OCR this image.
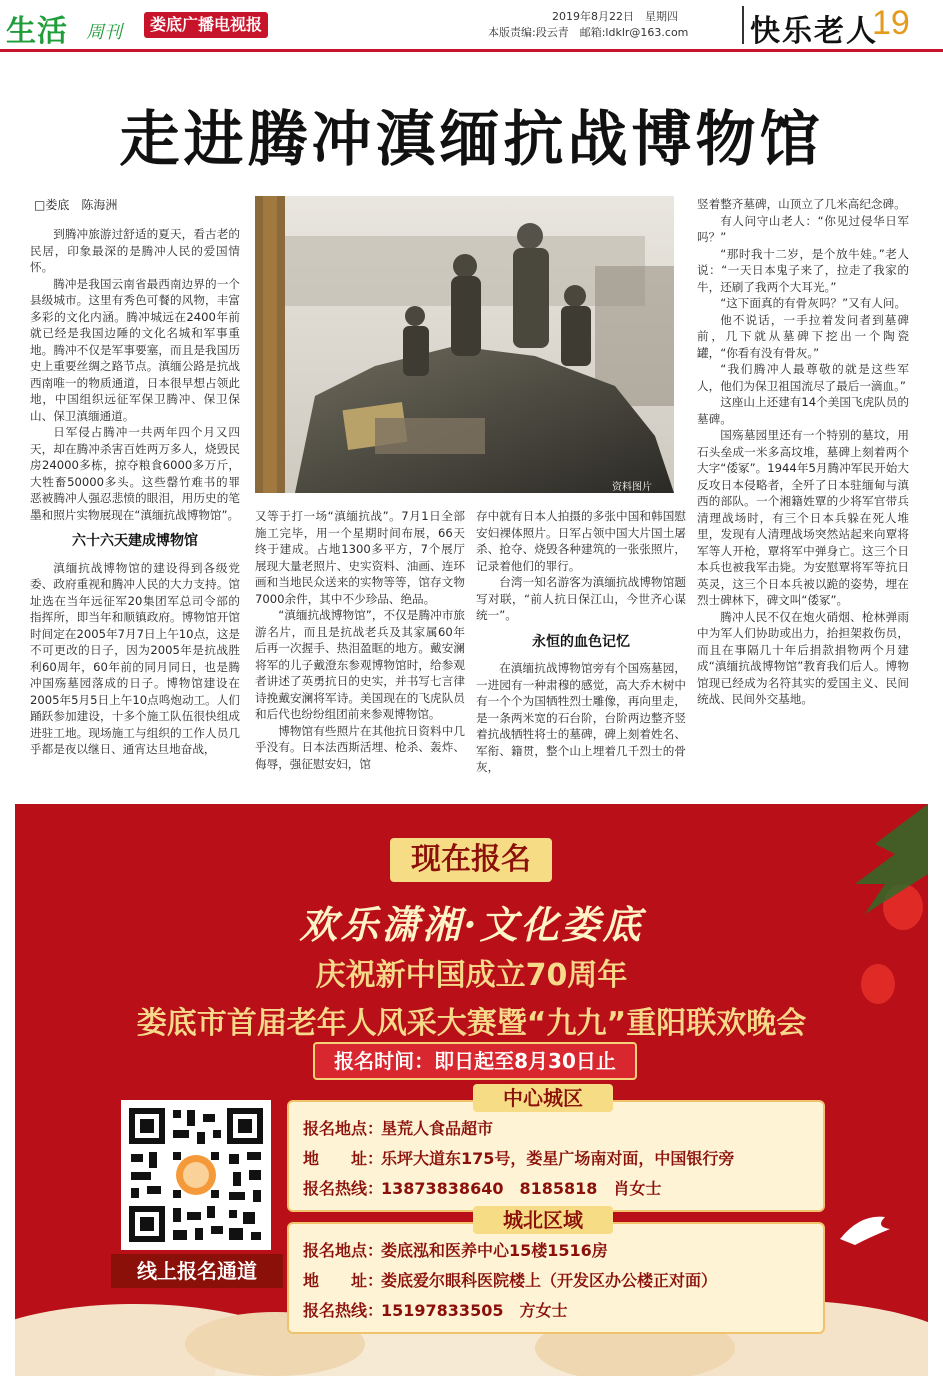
生活 周刊	娄底广播电视报	2019年8月22日　星期四
本版责编:段云青　邮箱:ldklr@163.com	快乐老人
19
走进腾冲滇缅抗战博物馆
□娄底　陈海洲

到腾冲旅游过舒适的夏天，看古老的民居，印象最深的是腾冲人民的爱国情怀。

腾冲是我国云南省最西南边界的一个县级城市。这里有秀色可餐的风物，丰富多彩的文化内涵。腾冲城远在2400年前就已经是我国边陲的文化名城和军事重地。腾冲不仅是军事要塞，而且是我国历史上重要丝绸之路节点。滇缅公路是抗战西南唯一的物质通道，日本很早想占领此地，中国组织远征军保卫腾冲、保卫保山、保卫滇缅通道。

日军侵占腾冲一共两年四个月又四天，却在腾冲杀害百姓两万多人，烧毁民房24000多栋，掠夺粮食6000多万斤，大牲畜50000多头。这些罄竹难书的罪恶被腾冲人强忍悲愤的眼泪，用历史的笔墨和照片实物展现在“滇缅抗战博物馆”。

六十六天建成博物馆

滇缅抗战博物馆的建设得到各级党委、政府重视和腾冲人民的大力支持。馆址选在当年远征军20集团军总司令部的指挥所，即当年和顺镇政府。博物馆开馆时间定在2005年7月7日上午10点，这是不可更改的日子，因为2005年是抗战胜利60周年，60年前的同月同日，也是腾冲国殇墓园落成的日子。博物馆建设在2005年5月5日上午10点鸣炮动工。人们踊跃参加建设，十多个施工队伍很快组成进驻工地。现场施工与组织的工作人员几乎都是夜以继日、通宵达旦地奋战，

资料图片

又等于打一场“滇缅抗战”。7月1日全部施工完毕，用一个星期时间布展，66天终于建成。占地1300多平方，7个展厅展现大量老照片、史实资料、油画、连环画和当地民众送来的实物等等，馆存文物7000余件，其中不少珍品、绝品。

“滇缅抗战博物馆”，不仅是腾冲市旅游名片，而且是抗战老兵及其家属60年后再一次握手、热泪盈眶的地方。戴安澜将军的儿子戴澄东参观博物馆时，给参观者讲述了英勇抗日的史实，并书写七言律诗挽戴安澜将军诗。美国现在的飞虎队员和后代也纷纷组团前来参观博物馆。

博物馆有些照片在其他抗日资料中几乎没有。日本法西斯活埋、枪杀、轰炸、侮辱，强征慰安妇，馆

存中就有日本人拍摄的多张中国和韩国慰安妇裸体照片。日军占领中国大片国土屠杀、抢夺、烧毁各种建筑的一张张照片，记录着他们的罪行。

台湾一知名游客为滇缅抗战博物馆题写对联，“前人抗日保江山，今世齐心谋统一”。

永恒的血色记忆

在滇缅抗战博物馆旁有个国殇墓园，一进园有一种肃穆的感觉，高大乔木树中有一个个为国牺牲烈士雕像，再向里走，是一条两米宽的石台阶，台阶两边整齐竖着抗战牺牲将士的墓碑，碑上刻着姓名、军衔、籍贯，整个山上埋着几千烈士的骨灰，

竖着整齐墓碑，山顶立了几米高纪念碑。

有人问守山老人：“你见过侵华日军吗？”

“那时我十二岁，是个放牛娃。”老人说：“一天日本鬼子来了，拉走了我家的牛，还刷了我两个大耳光。”

“这下面真的有骨灰吗？”又有人问。

他不说话，一手拉着发问者到墓碑前，几下就从墓碑下挖出一个陶瓷罐，“你看有没有骨灰。”

“我们腾冲人最尊敬的就是这些军人，他们为保卫祖国流尽了最后一滴血。”

这座山上还建有14个美国飞虎队员的墓碑。

国殇墓园里还有一个特别的墓坟，用石头垒成一米多高坟堆，墓碑上刻着两个大字“倭冢”。1944年5月腾冲军民开始大反攻日本侵略者，全歼了日本驻缅甸与滇西的部队。一个湘籍姓覃的少将军官带兵清理战场时，有三个日本兵躲在死人堆里，发现有人清理战场突然站起来向覃将军等人开枪，覃将军中弹身亡。这三个日本兵也被我军击毙。为安慰覃将军等抗日英灵，这三个日本兵被以跪的姿势，埋在烈士碑林下，碑文叫“倭冢”。

腾冲人民不仅在炮火硝烟、枪林弹雨中为军人们协助或出力，抬担架救伤员，而且在事隔几十年后捐款捐物两个月建成“滇缅抗战博物馆”教育我们后人。博物馆现已经成为名符其实的爱国主义、民间统战、民间外交基地。

现在报名
欢乐潇湘·文化娄底
庆祝新中国成立70周年
娄底市首届老年人风采大赛暨“九九”重阳联欢晚会
报名时间：即日起至8月30日止
报名地点：垦荒人食品超市
地　　址：乐坪大道东175号，娄星广场南对面，中国银行旁
报名热线：13873838640　8185818　肖女士
中心城区
报名地点：娄底泓和医养中心15楼1516房
地　　址：娄底爱尔眼科医院楼上（开发区办公楼正对面）
报名热线：15197833505　方女士
城北区域
线上报名通道
